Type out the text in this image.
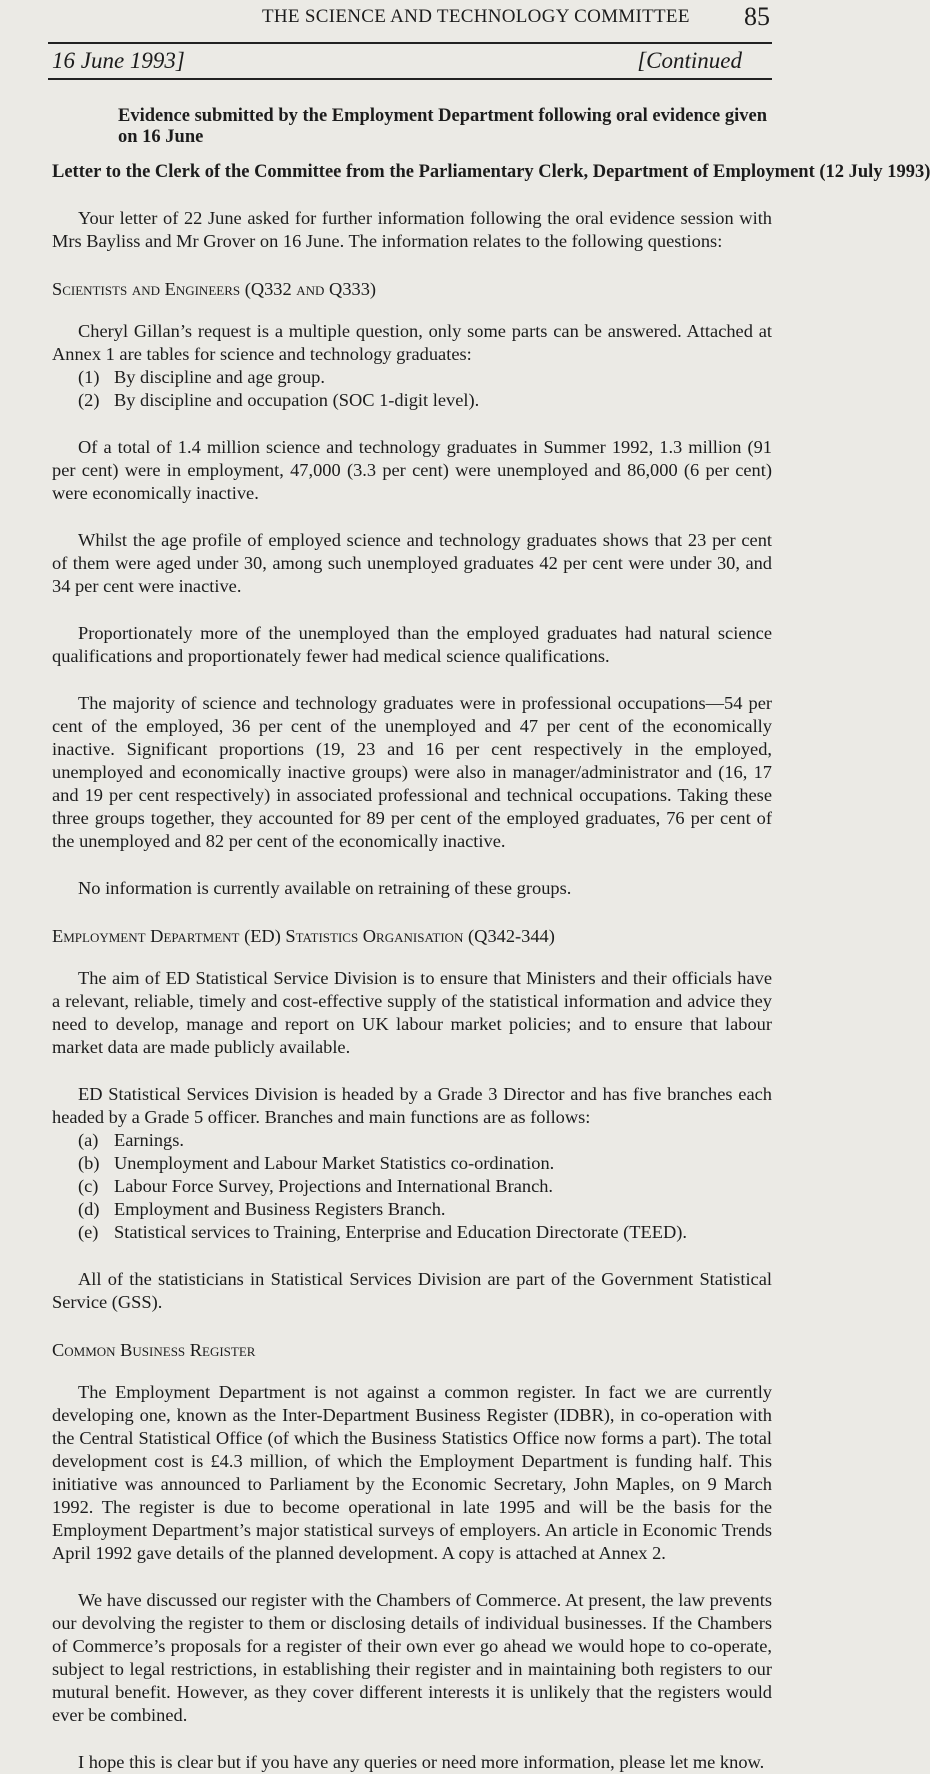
THE SCIENCE AND TECHNOLOGY COMMITTEE 85
16 June 1993]	[Continued
Evidence submitted by the Employment Department following oral evidence given on 16 June
Letter to the Clerk of the Committee from the Parliamentary Clerk, Department of Employment (12 July 1993)

Your letter of 22 June asked for further information following the oral evidence session with Mrs Bayliss and Mr Grover on 16 June. The information relates to the following questions:

Scientists and Engineers (Q332 and Q333)

Cheryl Gillan’s request is a multiple question, only some parts can be answered. Attached at Annex 1 are tables for science and technology graduates:

(1) By discipline and age group.
(2) By discipline and occupation (SOC 1-digit level).

Of a total of 1.4 million science and technology graduates in Summer 1992, 1.3 million (91 per cent) were in employment, 47,000 (3.3 per cent) were unemployed and 86,000 (6 per cent) were economically inactive.

Whilst the age profile of employed science and technology graduates shows that 23 per cent of them were aged under 30, among such unemployed graduates 42 per cent were under 30, and 34 per cent were inactive.

Proportionately more of the unemployed than the employed graduates had natural science qualifications and proportionately fewer had medical science qualifications.

The majority of science and technology graduates were in professional occupations—54 per cent of the employed, 36 per cent of the unemployed and 47 per cent of the economically inactive. Significant proportions (19, 23 and 16 per cent respectively in the employed, unemployed and economically inactive groups) were also in manager/administrator and (16, 17 and 19 per cent respectively) in associated professional and technical occupations. Taking these three groups together, they accounted for 89 per cent of the employed graduates, 76 per cent of the unemployed and 82 per cent of the economically inactive.

No information is currently available on retraining of these groups.

Employment Department (ED) Statistics Organisation (Q342-344)

The aim of ED Statistical Service Division is to ensure that Ministers and their officials have a relevant, reliable, timely and cost-effective supply of the statistical information and advice they need to develop, manage and report on UK labour market policies; and to ensure that labour market data are made publicly available.

ED Statistical Services Division is headed by a Grade 3 Director and has five branches each headed by a Grade 5 officer. Branches and main functions are as follows:

(a) Earnings.
(b) Unemployment and Labour Market Statistics co-ordination.
(c) Labour Force Survey, Projections and International Branch.
(d) Employment and Business Registers Branch.
(e) Statistical services to Training, Enterprise and Education Directorate (TEED).

All of the statisticians in Statistical Services Division are part of the Government Statistical Service (GSS).

Common Business Register

The Employment Department is not against a common register. In fact we are currently developing one, known as the Inter-Department Business Register (IDBR), in co-operation with the Central Statistical Office (of which the Business Statistics Office now forms a part). The total development cost is £4.3 million, of which the Employment Department is funding half. This initiative was announced to Parliament by the Economic Secretary, John Maples, on 9 March 1992. The register is due to become operational in late 1995 and will be the basis for the Employment Department’s major statistical surveys of employers. An article in Economic Trends April 1992 gave details of the planned development. A copy is attached at Annex 2.

We have discussed our register with the Chambers of Commerce. At present, the law prevents our devolving the register to them or disclosing details of individual businesses. If the Chambers of Commerce’s proposals for a register of their own ever go ahead we would hope to co-operate, subject to legal restrictions, in establishing their register and in maintaining both registers to our mutural benefit. However, as they cover different interests it is unlikely that the registers would ever be combined.

I hope this is clear but if you have any queries or need more information, please let me know.
